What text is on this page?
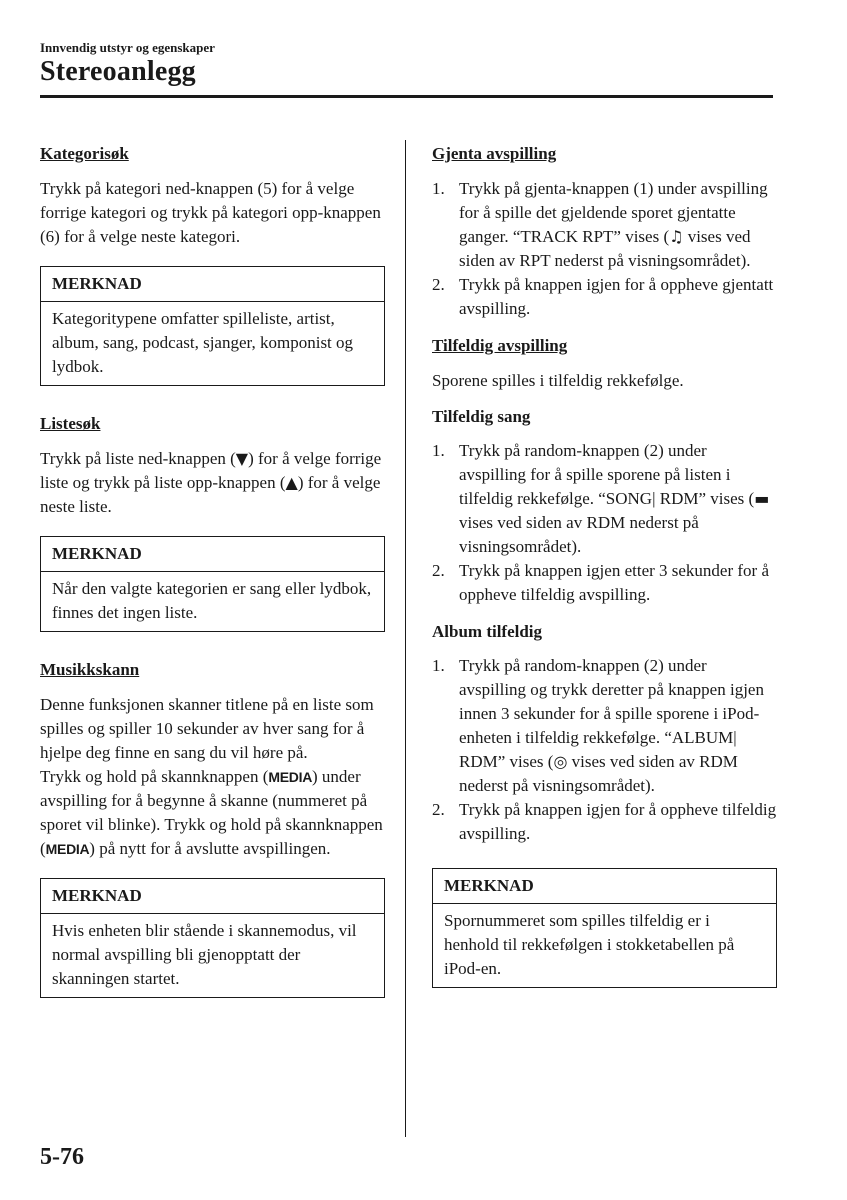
Innvendig utstyr og egenskaper
Stereoanlegg
Kategorisøk

Trykk på kategori ned-knappen (5) for å velge forrige kategori og trykk på kategori opp-knappen (6) for å velge neste kategori.

MERKNAD
Kategoritypene omfatter spilleliste, artist, album, sang, podcast, sjanger, komponist og lydbok.
Listesøk

Trykk på liste ned-knappen (▼) for å velge forrige liste og trykk på liste opp-knappen (▲) for å velge neste liste.

MERKNAD
Når den valgte kategorien er sang eller lydbok, finnes det ingen liste.
Musikkskann

Denne funksjonen skanner titlene på en liste som spilles og spiller 10 sekunder av hver sang for å hjelpe deg finne en sang du vil høre på.

Trykk og hold på skannknappen (MEDIA) under avspilling for å begynne å skanne (nummeret på sporet vil blinke). Trykk og hold på skannknappen (MEDIA) på nytt for å avslutte avspillingen.

MERKNAD
Hvis enheten blir stående i skannemodus, vil normal avspilling bli gjenopptatt der skanningen startet.
Gjenta avspilling
1. Trykk på gjenta-knappen (1) under avspilling for å spille det gjeldende sporet gjentatte ganger. “TRACK RPT” vises (♫ vises ved siden av RPT nederst på visningsområdet).
2. Trykk på knappen igjen for å oppheve gjentatt avspilling.
Tilfeldig avspilling

Sporene spilles i tilfeldig rekkefølge.

Tilfeldig sang
1. Trykk på random-knappen (2) under avspilling for å spille sporene på listen i tilfeldig rekkefølge. “SONG| RDM” vises (▬ vises ved siden av RDM nederst på visningsområdet).
2. Trykk på knappen igjen etter 3 sekunder for å oppheve tilfeldig avspilling.
Album tilfeldig
1. Trykk på random-knappen (2) under avspilling og trykk deretter på knappen igjen innen 3 sekunder for å spille sporene i iPod-enheten i tilfeldig rekkefølge. “ALBUM| RDM” vises (◎ vises ved siden av RDM nederst på visningsområdet).
2. Trykk på knappen igjen for å oppheve tilfeldig avspilling.
MERKNAD
Spornummeret som spilles tilfeldig er i henhold til rekkefølgen i stokketabellen på iPod-en.
5-76
